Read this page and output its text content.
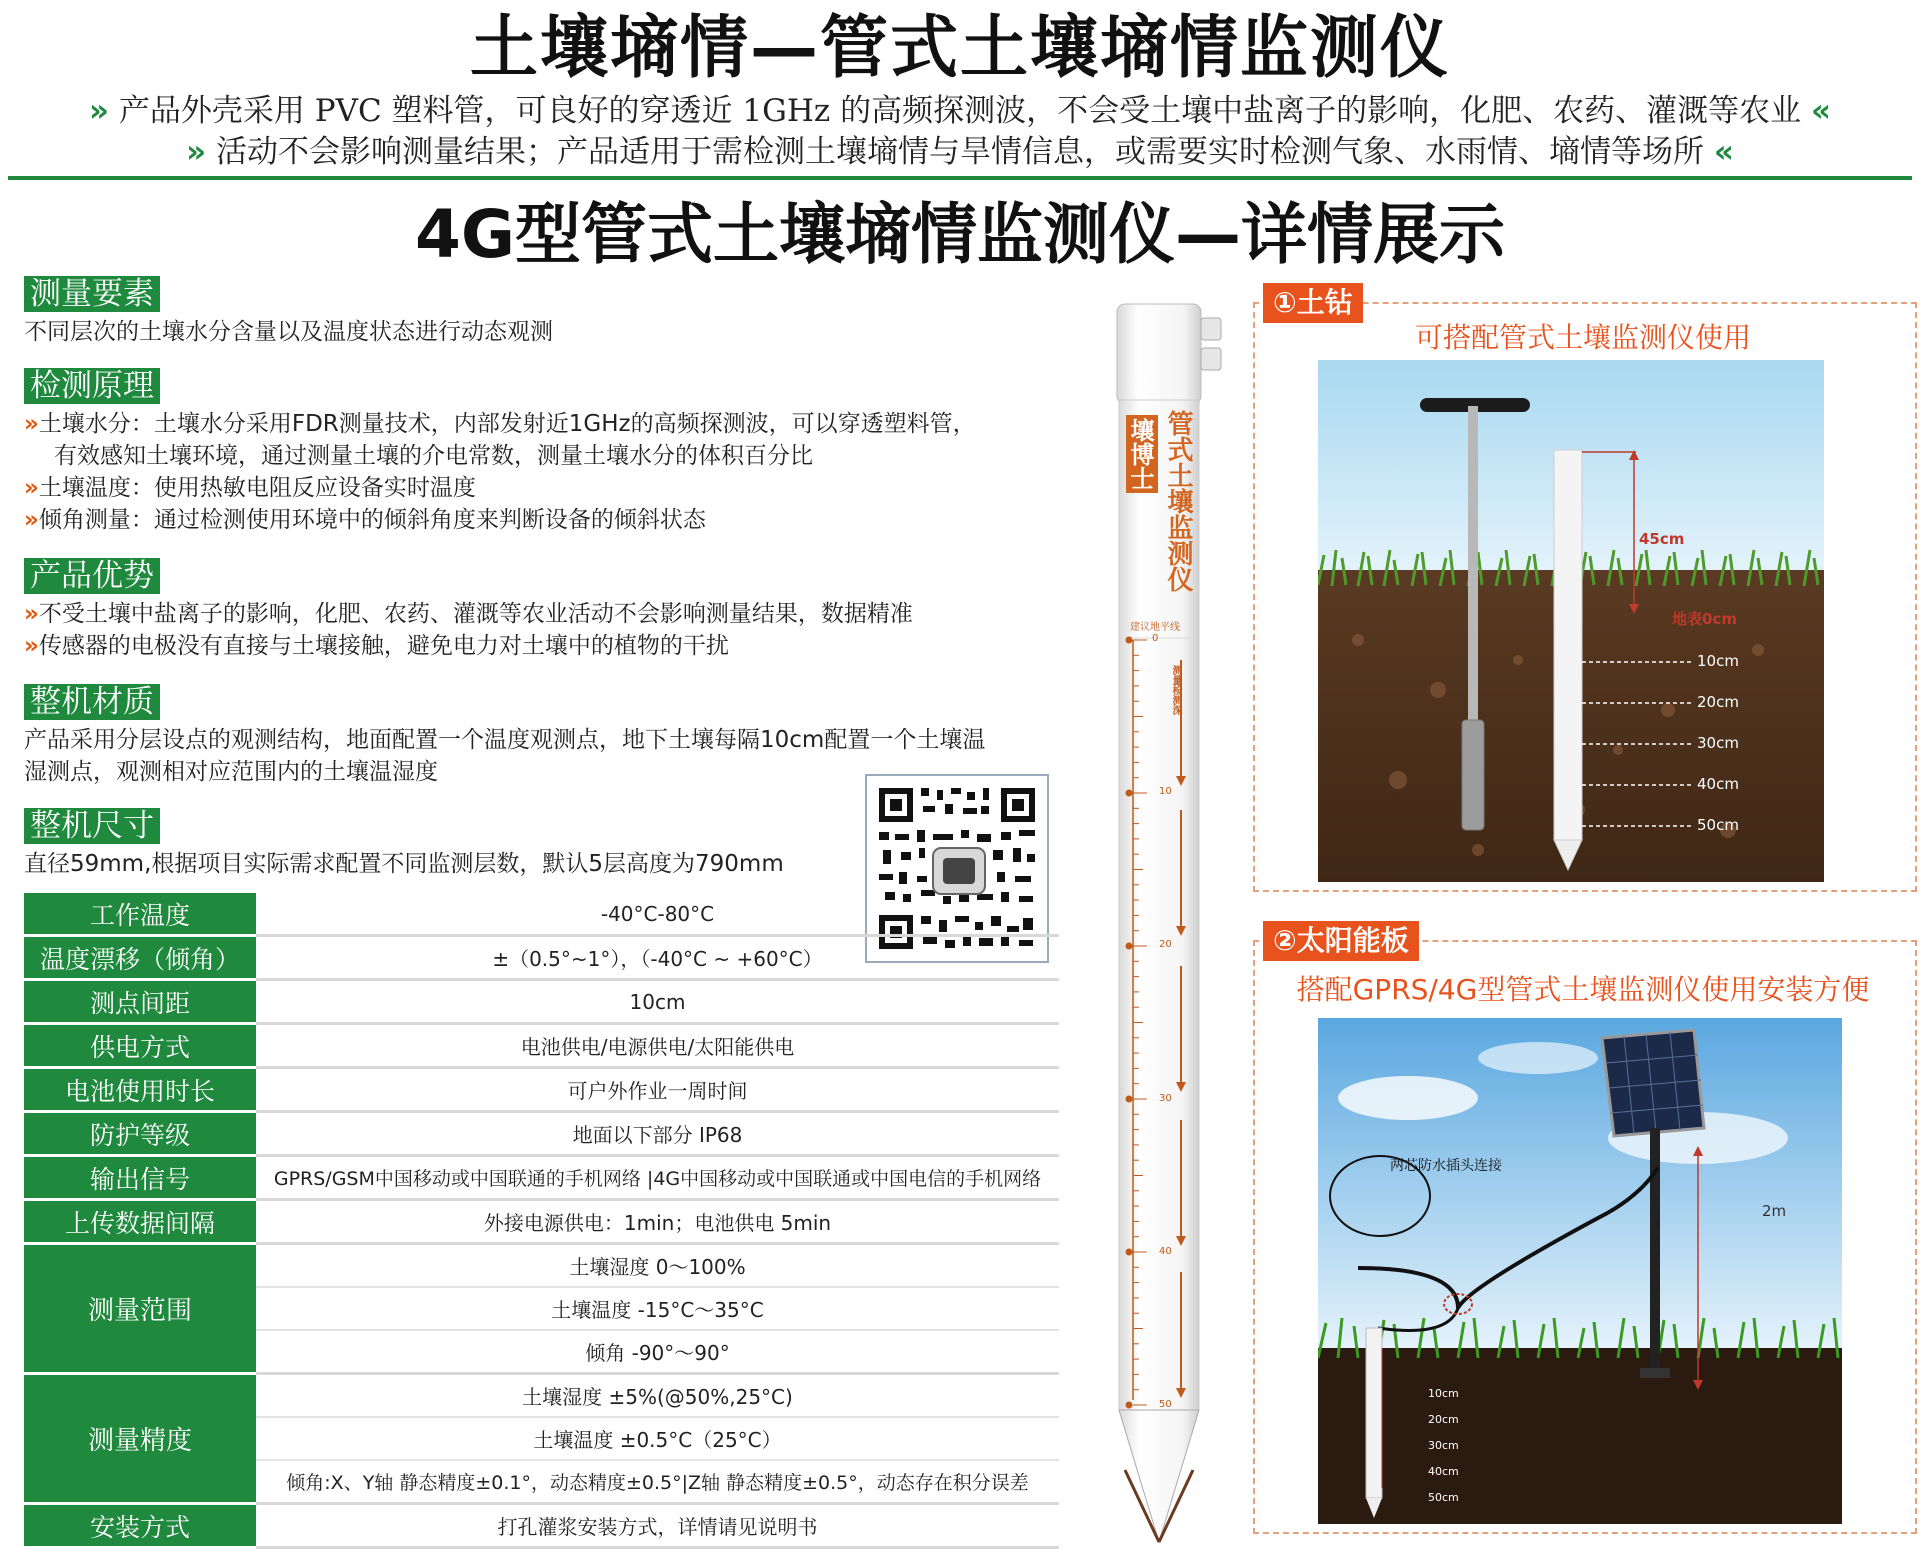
土壤墒情—管式土壤墒情监测仪
» 产品外壳采用 PVC 塑料管，可良好的穿透近 1GHz 的高频探测波，不会受土壤中盐离子的影响，化肥、农药、灌溉等农业 «
» 活动不会影响测量结果；产品适用于需检测土壤墒情与旱情信息，或需要实时检测气象、水雨情、墒情等场所 «
4G型管式土壤墒情监测仪—详情展示
测量要素
不同层次的土壤水分含量以及温度状态进行动态观测
检测原理
»土壤水分：土壤水分采用FDR测量技术，内部发射近1GHz的高频探测波，可以穿透塑料管，
有效感知土壤环境，通过测量土壤的介电常数，测量土壤水分的体积百分比
»土壤温度：使用热敏电阻反应设备实时温度
»倾角测量：通过检测使用环境中的倾斜角度来判断设备的倾斜状态
产品优势
»不受土壤中盐离子的影响，化肥、农药、灌溉等农业活动不会影响测量结果，数据精准
»传感器的电极没有直接与土壤接触，避免电力对土壤中的植物的干扰
整机材质
产品采用分层设点的观测结构，地面配置一个温度观测点，地下土壤每隔10cm配置一个土壤温
湿测点，观测相对应范围内的土壤温湿度
整机尺寸
直径59mm,根据项目实际需求配置不同监测层数，默认5层高度为790mm
工作温度	-40°C-80°C
温度漂移（倾角）	±（0.5°~1°），（-40°C ~ +60°C）
测点间距	10cm
供电方式	电池供电/电源供电/太阳能供电
电池使用时长	可户外作业一周时间
防护等级	地面以下部分 IP68
输出信号	GPRS/GSM中国移动或中国联通的手机网络 |4G中国移动或中国联通或中国电信的手机网络
上传数据间隔	外接电源供电：1min；电池供电 5min
测量范围	土壤湿度 0～100%
	土壤温度 -15°C～35°C
	倾角 -90°～90°
测量精度	土壤湿度 ±5%(@50%,25°C)
	土壤温度 ±0.5°C（25°C）
	倾角:X、Y轴 静态精度±0.1°，动态精度±0.5°|Z轴 静态精度±0.5°，动态存在积分误差
安装方式	打孔灌浆安装方式，详情请见说明书
壤博士 管式土壤监测仪
建议地平线
测量检测深
0
10
20
30
40
50
①土钻
可搭配管式土壤监测仪使用
45cm
地表0cm
10cm
20cm
30cm
40cm
50cm
②太阳能板
搭配GPRS/4G型管式土壤监测仪使用安装方便
两芯防水插头连接
2m
10cm
20cm
30cm
40cm
50cm
